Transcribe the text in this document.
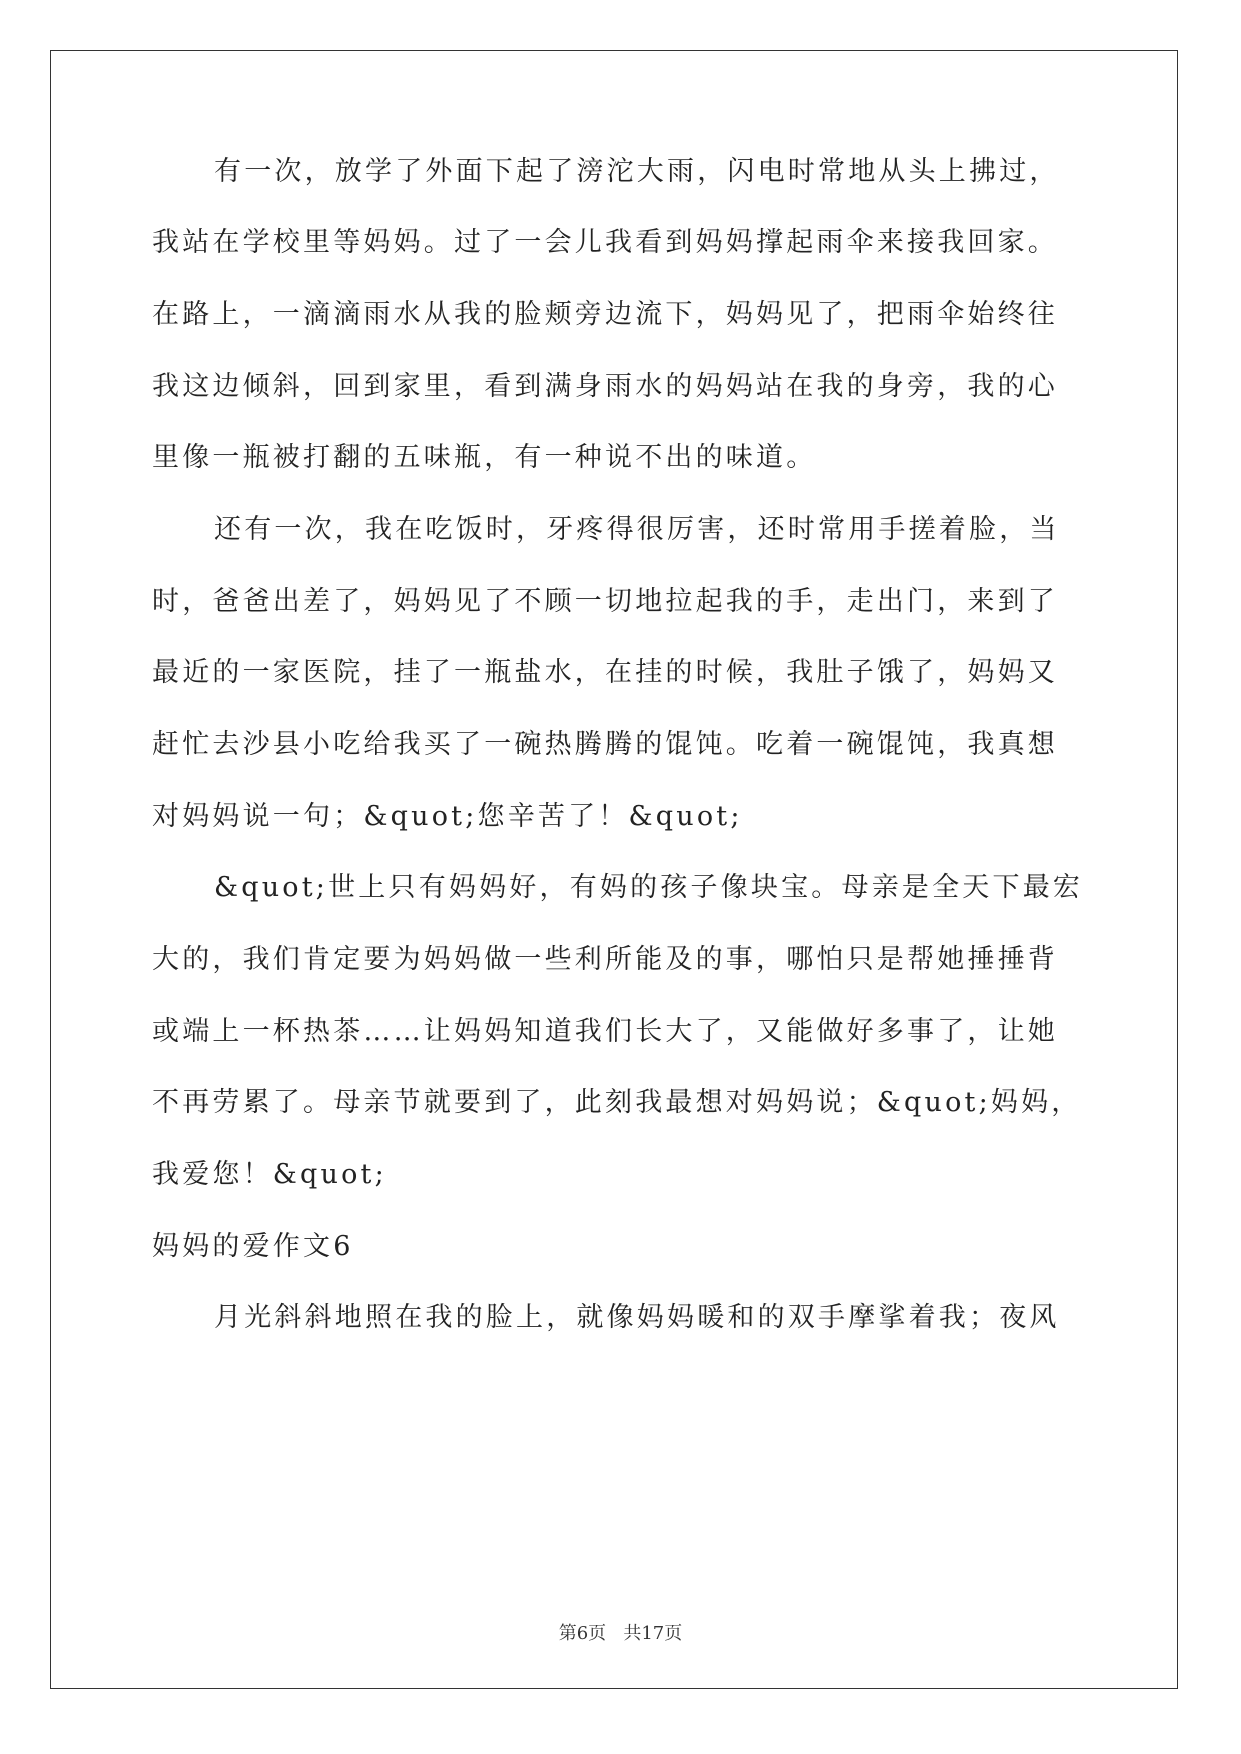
有一次，放学了外面下起了滂沱大雨，闪电时常地从头上拂过，
我站在学校里等妈妈。过了一会儿我看到妈妈撑起雨伞来接我回家。
在路上，一滴滴雨水从我的脸颊旁边流下，妈妈见了，把雨伞始终往
我这边倾斜，回到家里，看到满身雨水的妈妈站在我的身旁，我的心
里像一瓶被打翻的五味瓶，有一种说不出的味道。
还有一次，我在吃饭时，牙疼得很厉害，还时常用手搓着脸，当
时，爸爸出差了，妈妈见了不顾一切地拉起我的手，走出门，来到了
最近的一家医院，挂了一瓶盐水，在挂的时候，我肚子饿了，妈妈又
赶忙去沙县小吃给我买了一碗热腾腾的馄饨。吃着一碗馄饨，我真想
对妈妈说一句；&quot;您辛苦了！&quot;
&quot;世上只有妈妈好，有妈的孩子像块宝。母亲是全天下最宏
大的，我们肯定要为妈妈做一些利所能及的事，哪怕只是帮她捶捶背
或端上一杯热茶……让妈妈知道我们长大了，又能做好多事了，让她
不再劳累了。母亲节就要到了，此刻我最想对妈妈说；&quot;妈妈，
我爱您！&quot;
妈妈的爱作文6
月光斜斜地照在我的脸上，就像妈妈暖和的双手摩挲着我；夜风
第6页   共17页
